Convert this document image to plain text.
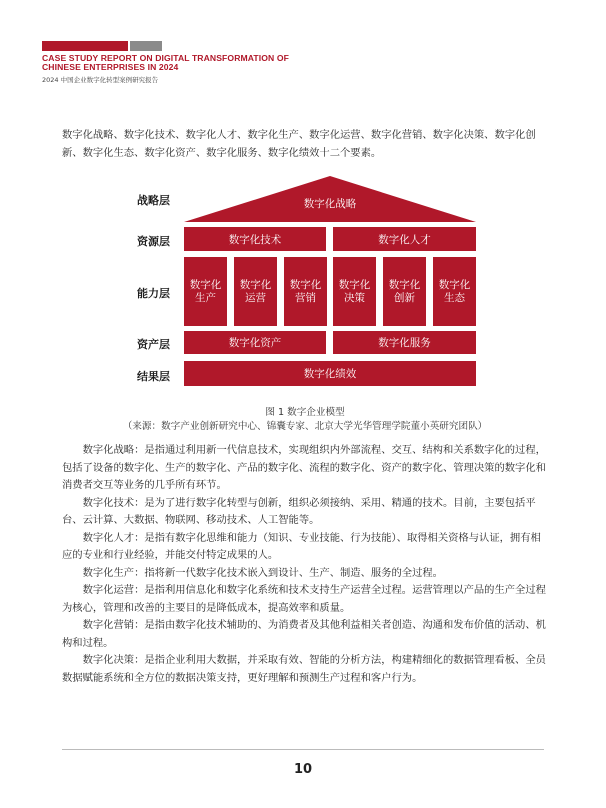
CASE STUDY REPORT ON DIGITAL TRANSFORMATION OF
CHINESE ENTERPRISES IN 2024
2024 中国企业数字化转型案例研究报告
数字化战略、数字化技术、数字化人才、数字化生产、数字化运营、数字化营销、数字化决策、数字化创新、数字化生态、数字化资产、数字化服务、数字化绩效十二个要素。
战略层
资源层
能力层
资产层
结果层
数字化战略
数字化技术	数字化人才
数字化
生产
数字化
运营
数字化
营销
数字化
决策
数字化
创新
数字化
生态
数字化资产	数字化服务
数字化绩效
图 1 数字企业模型
（来源：数字产业创新研究中心、锦囊专家、北京大学光华管理学院董小英研究团队）

数字化战略：是指通过利用新一代信息技术，实现组织内外部流程、交互、结构和关系数字化的过程，包括了设备的数字化、生产的数字化、产品的数字化、流程的数字化、资产的数字化、管理决策的数字化和消费者交互等业务的几乎所有环节。

数字化技术：是为了进行数字化转型与创新，组织必须接纳、采用、精通的技术。目前，主要包括平台、云计算、大数据、物联网、移动技术、人工智能等。

数字化人才：是指有数字化思维和能力（知识、专业技能、行为技能）、取得相关资格与认证，拥有相应的专业和行业经验，并能交付特定成果的人。

数字化生产：指将新一代数字化技术嵌入到设计、生产、制造、服务的全过程。

数字化运营：是指利用信息化和数字化系统和技术支持生产运营全过程。运营管理以产品的生产全过程为核心，管理和改善的主要目的是降低成本，提高效率和质量。

数字化营销：是指由数字化技术辅助的、为消费者及其他利益相关者创造、沟通和发布价值的活动、机构和过程。

数字化决策：是指企业利用大数据，并采取有效、智能的分析方法，构建精细化的数据管理看板、全员数据赋能系统和全方位的数据决策支持，更好理解和预测生产过程和客户行为。

10
